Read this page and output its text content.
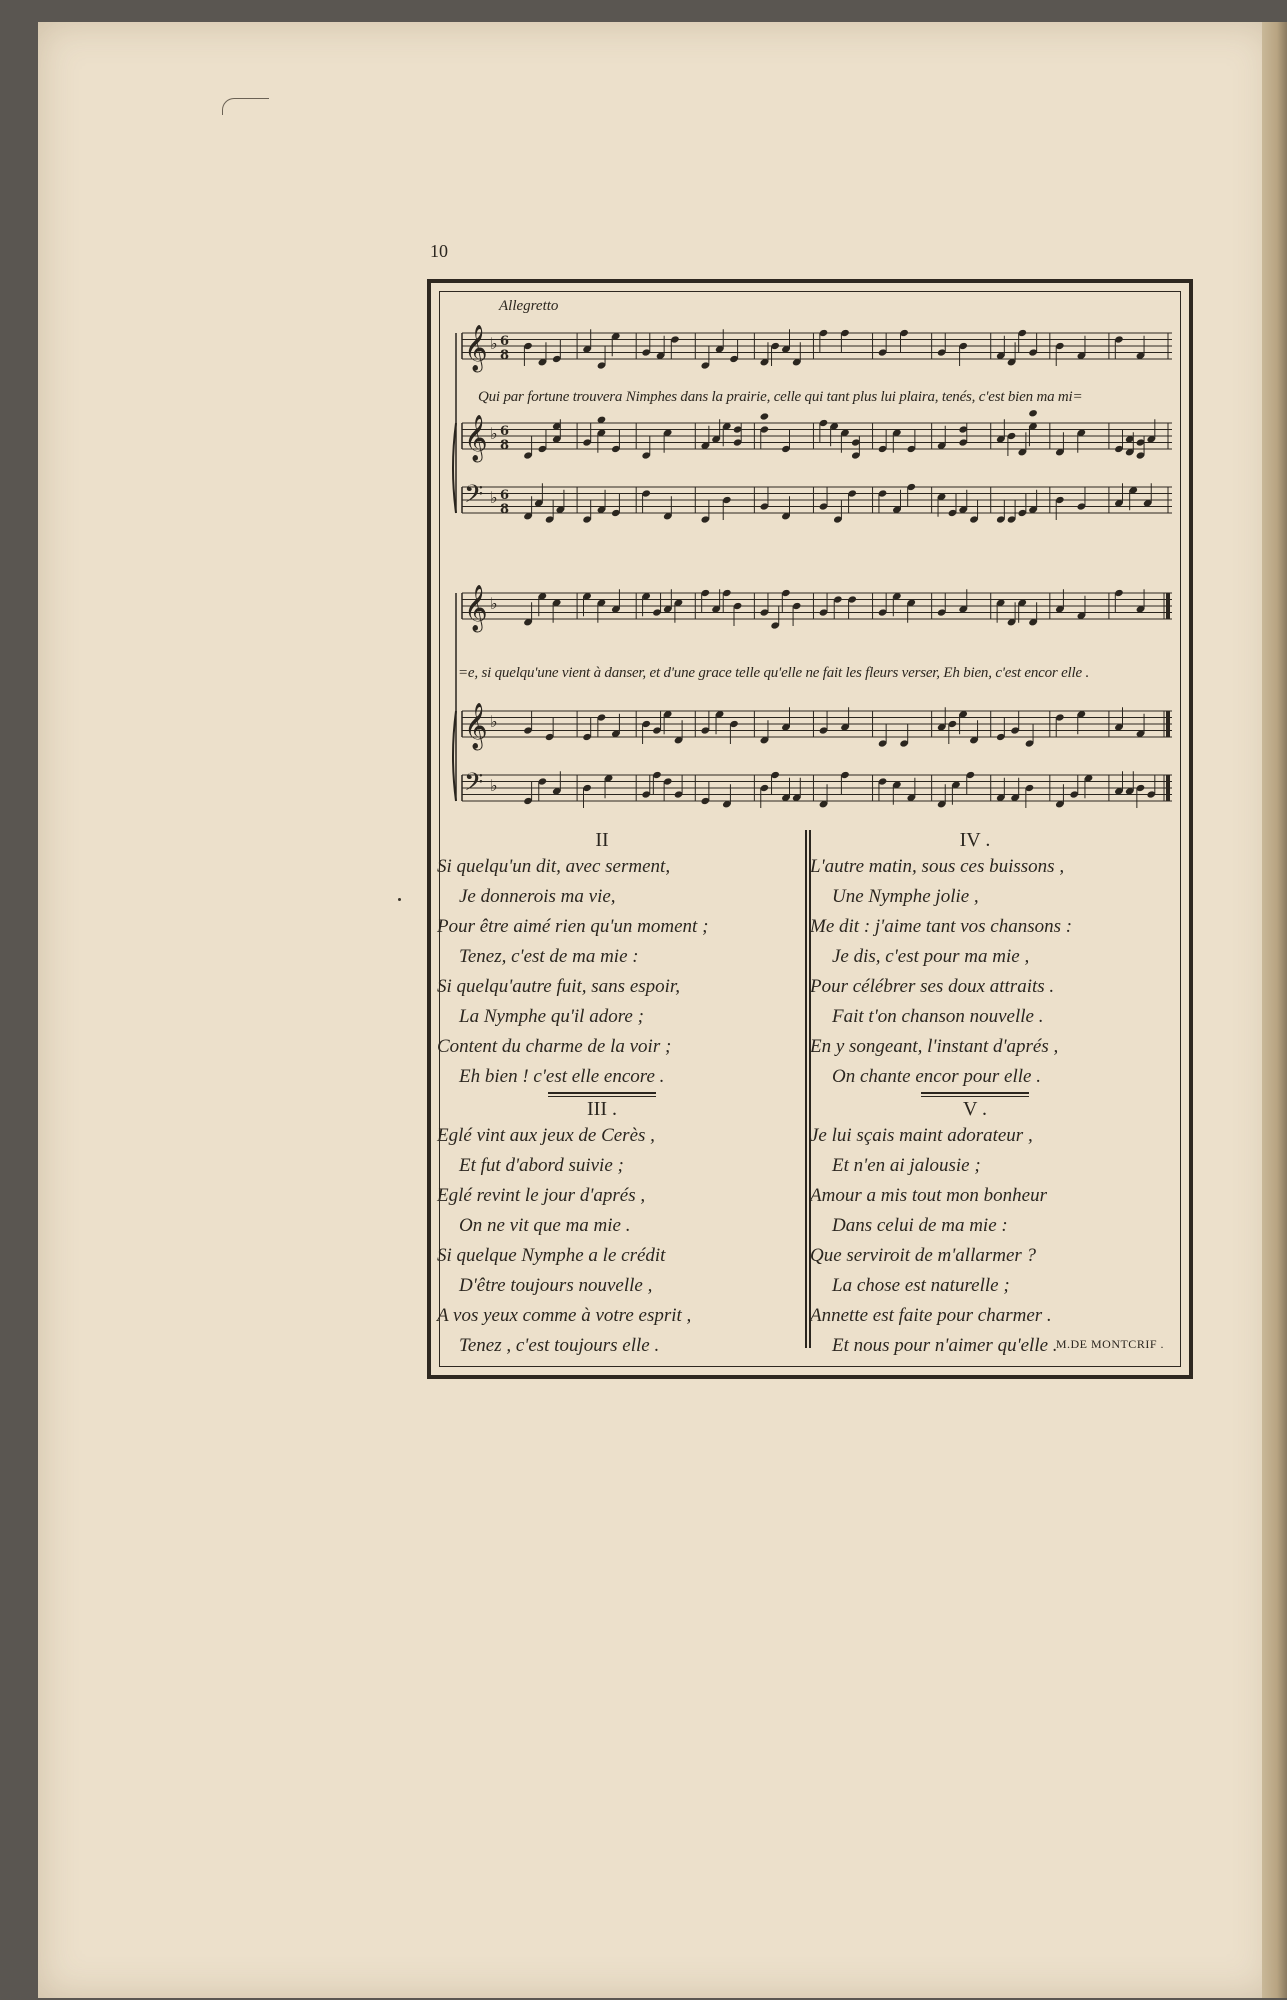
10
Allegretto
𝄞 ♭ 6
8
𝄞 ♭ 6
8
𝄢 ♭ 6
8
𝄞 ♭
𝄞 ♭
𝄢 ♭
Qui par fortune trouvera Nimphes dans la prairie, celle qui tant plus lui plaira, tenés, c'est bien ma mi=
=e, si quelqu'une vient à danser, et d'une grace telle qu'elle ne fait les fleurs verser, Eh bien, c'est encor elle .
M.DE MONTCRIF .
II
Si quelqu'un dit, avec serment,
Je donnerois ma vie,
Pour être aimé rien qu'un moment ;
Tenez, c'est de ma mie :
Si quelqu'autre fuit, sans espoir,
La Nymphe qu'il adore ;
Content du charme de la voir ;
Eh bien ! c'est elle encore .
III .
Eglé vint aux jeux de Cerès ,
Et fut d'abord suivie ;
Eglé revint le jour d'aprés ,
On ne vit que ma mie .
Si quelque Nymphe a le crédit
D'être toujours nouvelle ,
A vos yeux comme à votre esprit ,
Tenez , c'est toujours elle .
IV .
L'autre matin, sous ces buissons ,
Une Nymphe jolie ,
Me dit : j'aime tant vos chansons :
Je dis, c'est pour ma mie ,
Pour célébrer ses doux attraits .
Fait t'on chanson nouvelle .
En y songeant, l'instant d'aprés ,
On chante encor pour elle .
V .
Je lui sçais maint adorateur ,
Et n'en ai jalousie ;
Amour a mis tout mon bonheur
Dans celui de ma mie :
Que serviroit de m'allarmer ?
La chose est naturelle ;
Annette est faite pour charmer .
Et nous pour n'aimer qu'elle .
